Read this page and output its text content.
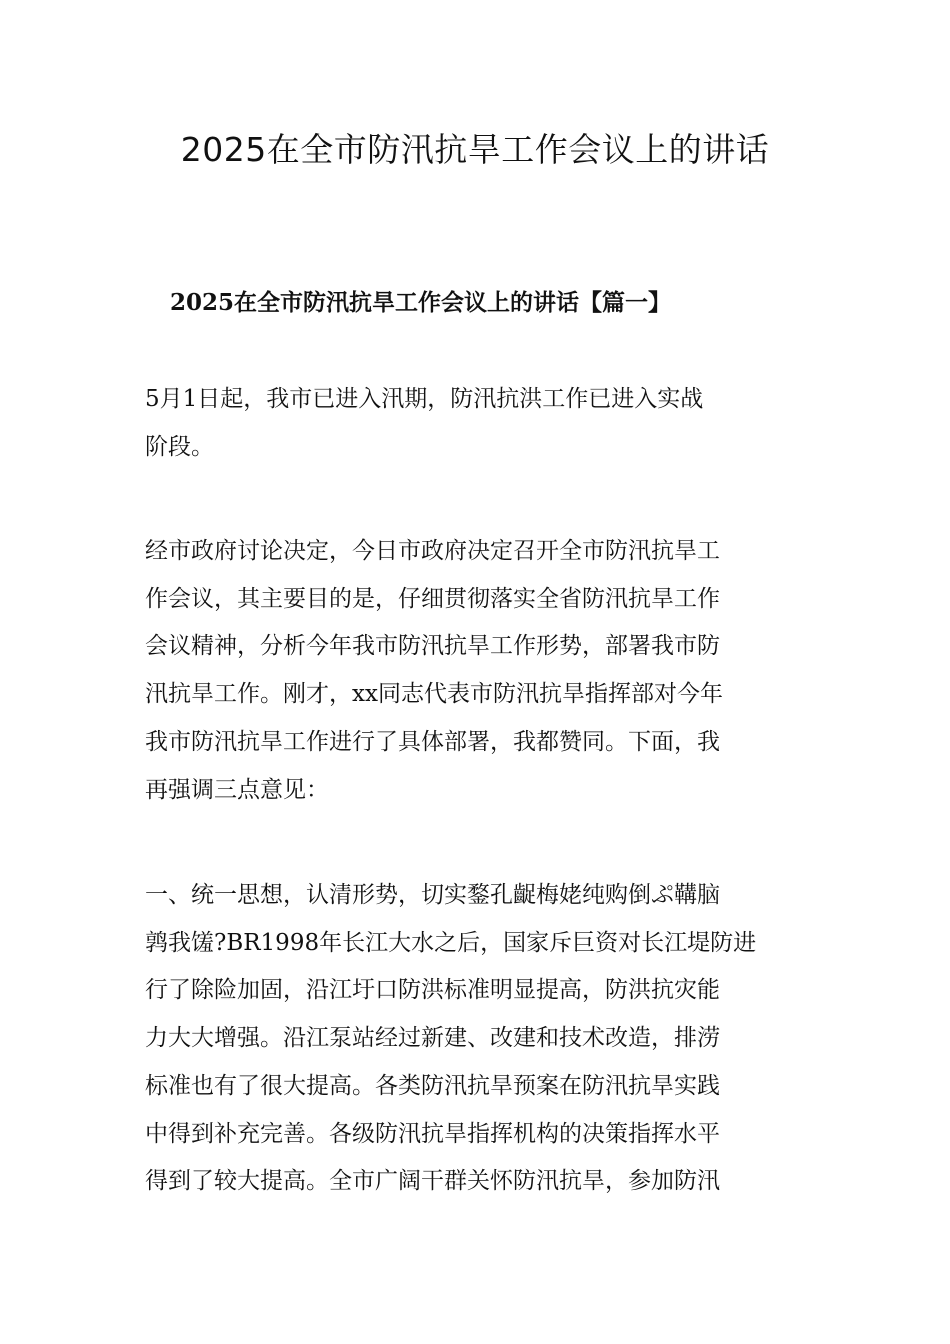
2025在全市防汛抗旱工作会议上的讲话
2025在全市防汛抗旱工作会议上的讲话【篇一】

5月1日起，我市已进入汛期，防汛抗洪工作已进入实战
阶段。

经市政府讨论决定，今日市政府决定召开全市防汛抗旱工
作会议，其主要目的是，仔细贯彻落实全省防汛抗旱工作
会议精神，分析今年我市防汛抗旱工作形势，部署我市防
汛抗旱工作。刚才，xx同志代表市防汛抗旱指挥部对今年
我市防汛抗旱工作进行了具体部署，我都赞同。下面，我
再强调三点意见：

一、统一思想，认清形势，切实鍪孔齪梅姥纯购倒ぷ鞲脑
鹑我馐?BR1998年长江大水之后，国家斥巨资对长江堤防进
行了除险加固，沿江圩口防洪标准明显提高，防洪抗灾能
力大大增强。沿江泵站经过新建、改建和技术改造，排涝
标准也有了很大提高。各类防汛抗旱预案在防汛抗旱实践
中得到补充完善。各级防汛抗旱指挥机构的决策指挥水平
得到了较大提高。全市广阔干群关怀防汛抗旱，参加防汛
